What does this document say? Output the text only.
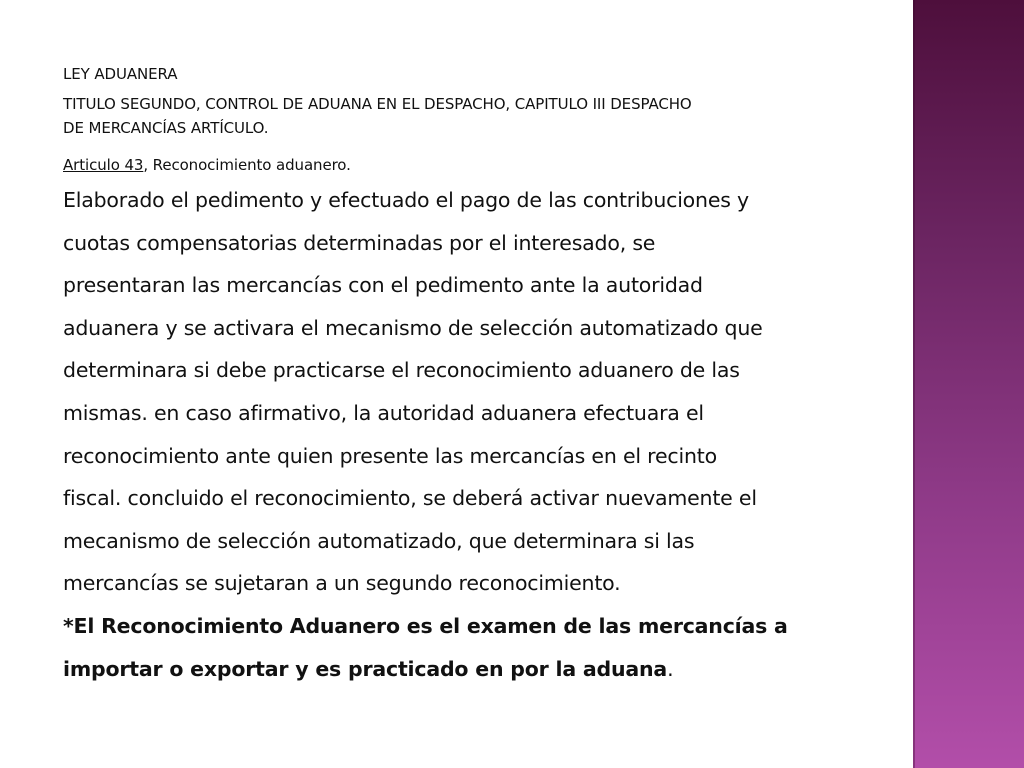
LEY ADUANERA

TITULO SEGUNDO, CONTROL DE ADUANA EN EL DESPACHO, CAPITULO III DESPACHO

DE MERCANCÍAS ARTÍCULO.

Articulo 43, Reconocimiento aduanero.

Elaborado el pedimento y efectuado el pago de las contribuciones y
cuotas compensatorias determinadas por el interesado, se
presentaran las mercancías con el pedimento ante la autoridad
aduanera y se activara el mecanismo de selección automatizado que
determinara si debe practicarse el reconocimiento aduanero de las
mismas. en caso afirmativo, la autoridad aduanera efectuara el
reconocimiento ante quien presente las mercancías en el recinto
fiscal. concluido el reconocimiento, se deberá activar nuevamente el
mecanismo de selección automatizado, que determinara si las
mercancías se sujetaran a un segundo reconocimiento.
*El Reconocimiento Aduanero es el examen de las mercancías a
importar o exportar y es practicado en por la aduana.
